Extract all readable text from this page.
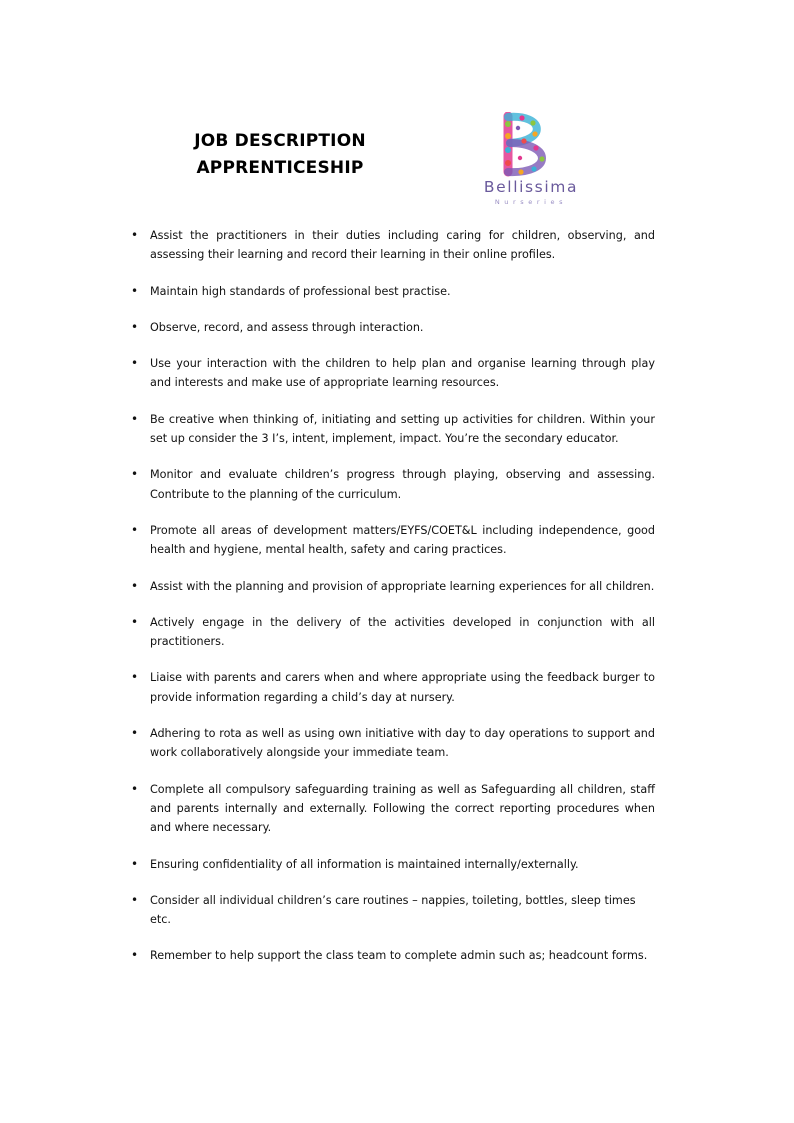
JOB DESCRIPTION
APPRENTICESHIP
Bellissima
Nurseries
• Assist the practitioners in their duties including caring for children, observing, and assessing their learning and record their learning in their online profiles.
• Maintain high standards of professional best practise.
• Observe, record, and assess through interaction.
• Use your interaction with the children to help plan and organise learning through play and interests and make use of appropriate learning resources.
• Be creative when thinking of, initiating and setting up activities for children. Within your set up consider the 3 I’s, intent, implement, impact. You’re the secondary educator.
• Monitor and evaluate children’s progress through playing, observing and assessing. Contribute to the planning of the curriculum.
• Promote all areas of development matters/EYFS/COET&L including independence, good health and hygiene, mental health, safety and caring practices.
• Assist with the planning and provision of appropriate learning experiences for all children.
• Actively engage in the delivery of the activities developed in conjunction with all practitioners.
• Liaise with parents and carers when and where appropriate using the feedback burger to provide information regarding a child’s day at nursery.
• Adhering to rota as well as using own initiative with day to day operations to support and work collaboratively alongside your immediate team.
• Complete all compulsory safeguarding training as well as Safeguarding all children, staff and parents internally and externally. Following the correct reporting procedures when and where necessary.
• Ensuring confidentiality of all information is maintained internally/externally.
• Consider all individual children’s care routines – nappies, toileting, bottles, sleep times etc.
• Remember to help support the class team to complete admin such as; headcount forms.
